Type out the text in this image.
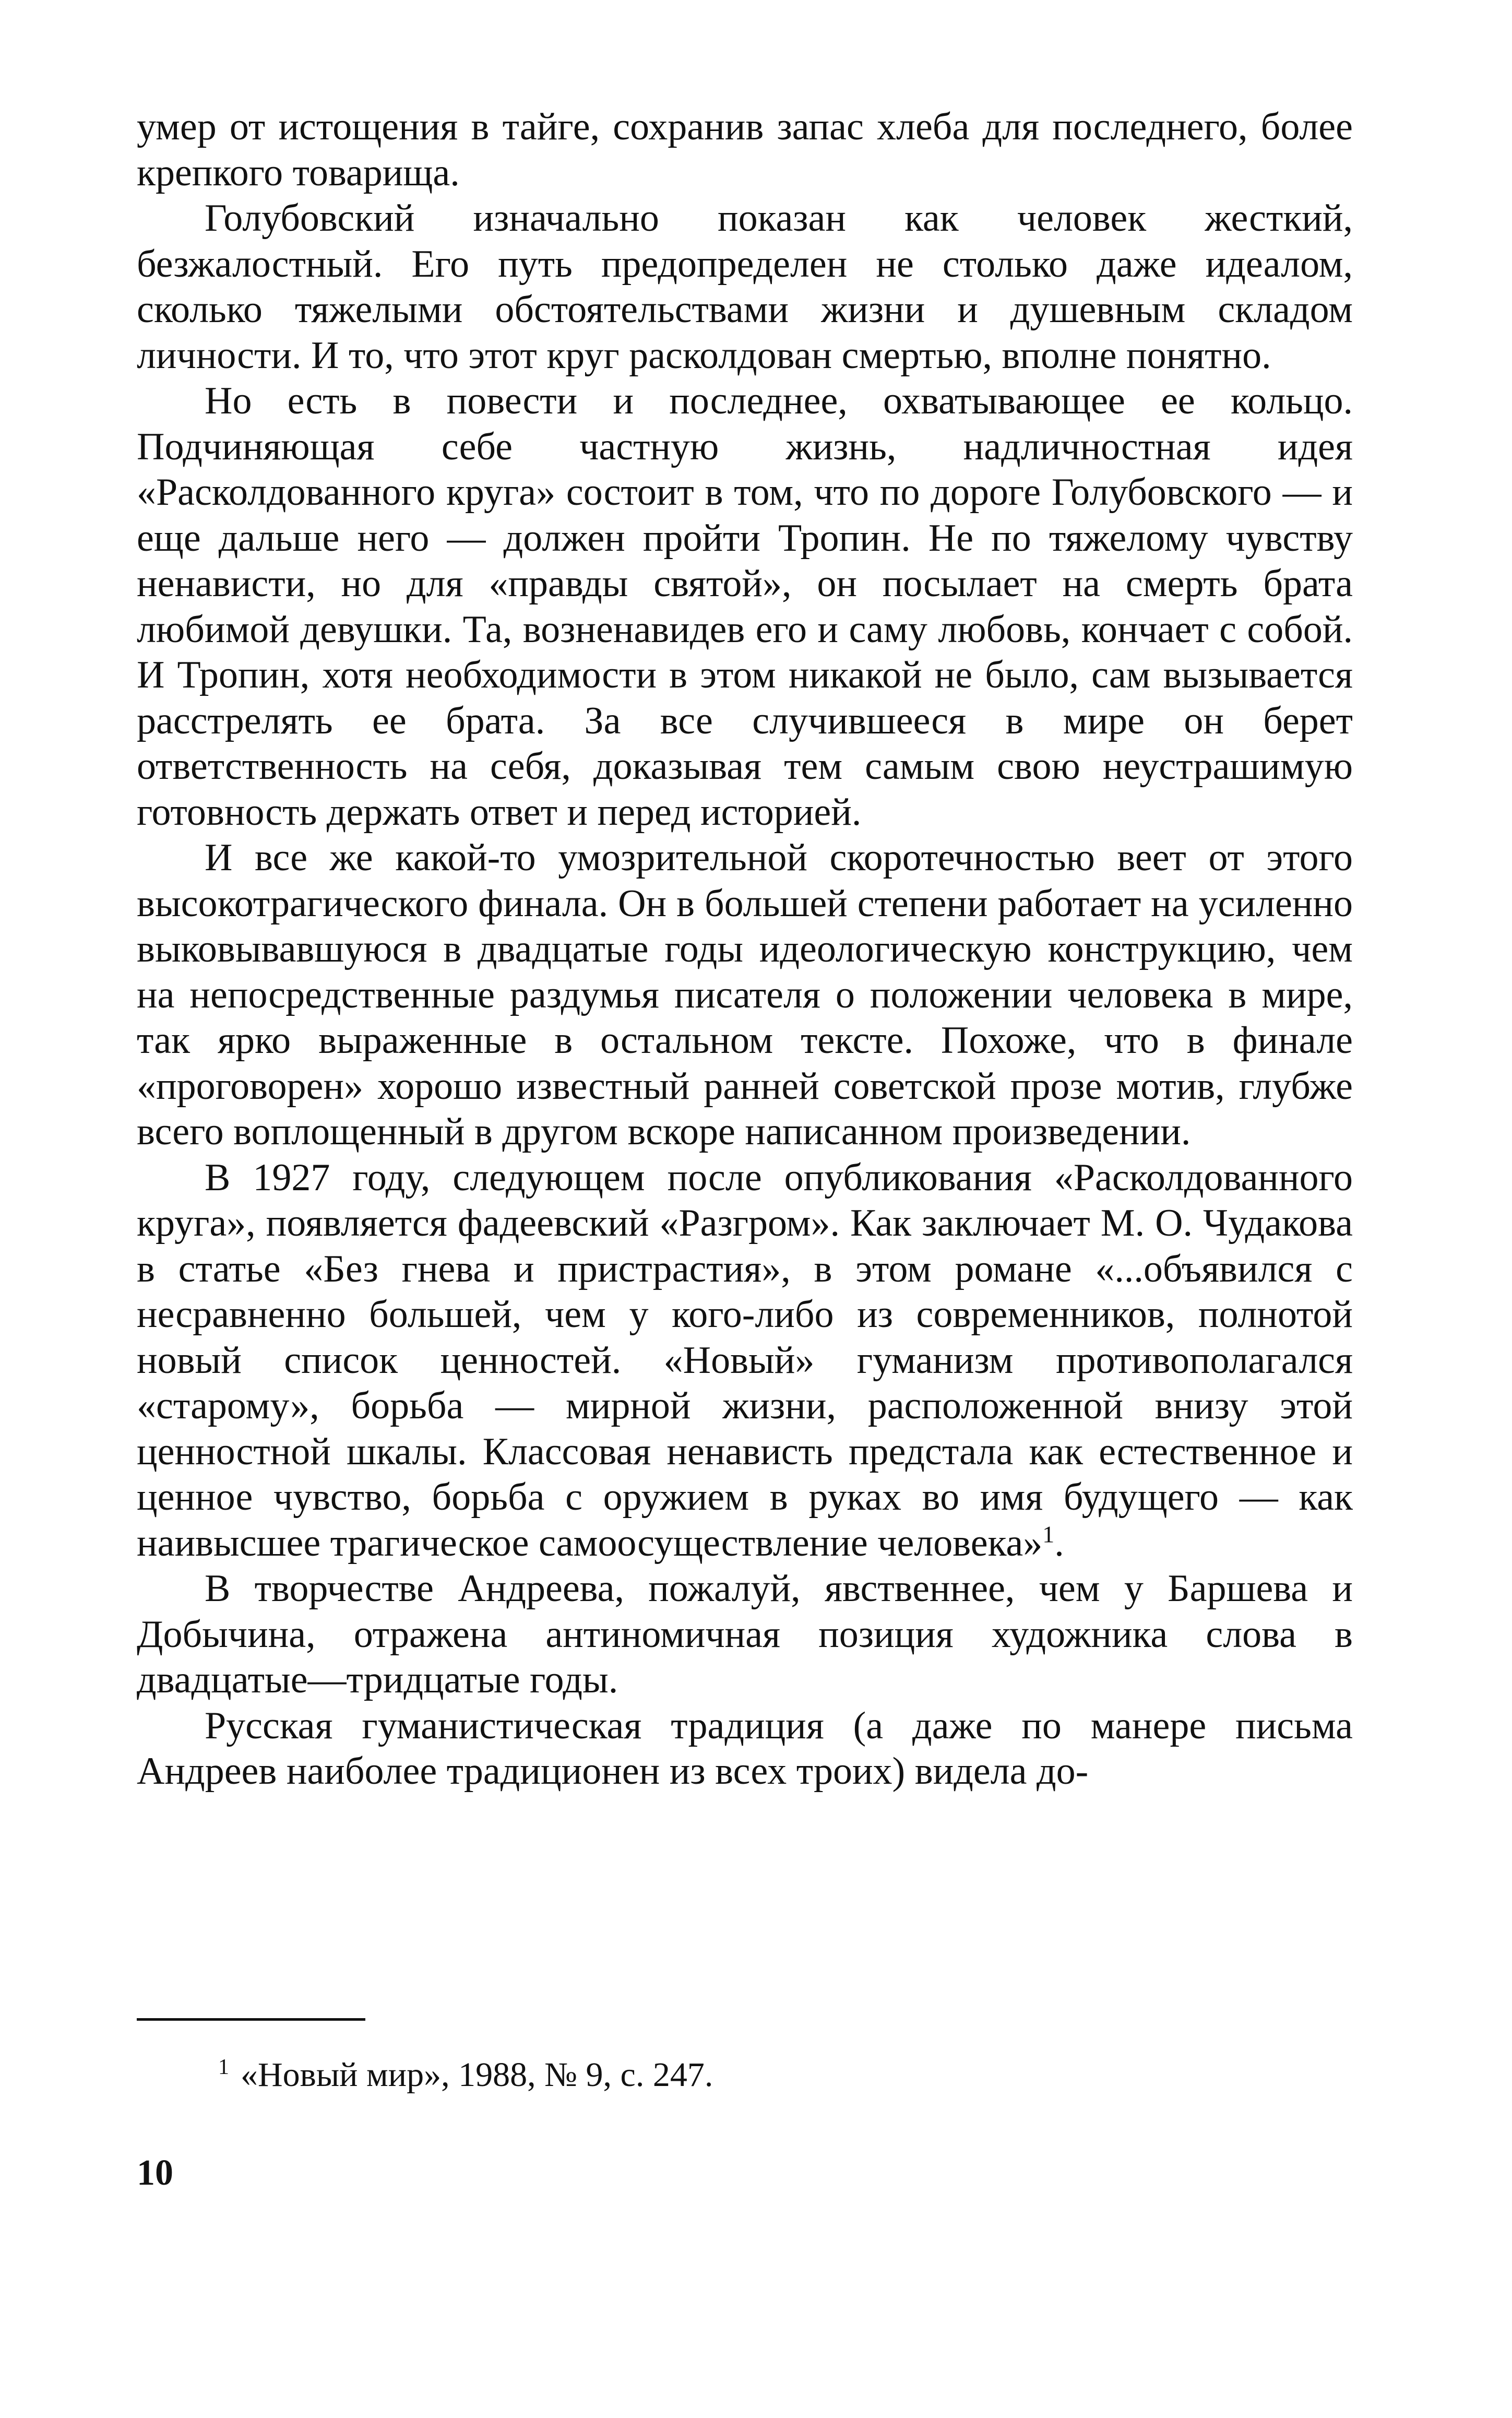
умер от истощения в тайге, сохранив запас хлеба для последнего, более крепкого товарища.

Голубовский изначально показан как человек жесткий, безжалостный. Его путь предопределен не столько даже идеалом, сколько тяжелыми обстоятельствами жизни и душевным складом личности. И то, что этот круг расколдован смертью, вполне понятно.

Но есть в повести и последнее, охватывающее ее кольцо. Подчиняющая себе частную жизнь, надличностная идея «Расколдованного круга» состоит в том, что по дороге Голубовского — и еще дальше него — должен пройти Тропин. Не по тяжелому чувству ненависти, но для «правды святой», он посылает на смерть брата любимой девушки. Та, возненавидев его и саму любовь, кончает с собой. И Тропин, хотя необходимости в этом никакой не было, сам вызывается расстрелять ее брата. За все случившееся в мире он берет ответственность на себя, доказывая тем самым свою неустрашимую готовность держать ответ и перед историей.

И все же какой-то умозрительной скоротечностью веет от этого высокотрагического финала. Он в большей степени работает на усиленно выковывавшуюся в двадцатые годы идеологическую конструкцию, чем на непосредственные раздумья писателя о положении человека в мире, так ярко выраженные в остальном тексте. Похоже, что в финале «проговорен» хорошо известный ранней советской прозе мотив, глубже всего воплощенный в другом вскоре написанном произведении.

В 1927 году, следующем после опубликования «Расколдованного круга», появляется фадеевский «Разгром». Как заключает М. О. Чудакова в статье «Без гнева и пристрастия», в этом романе «...объявился с несравненно большей, чем у кого-либо из современников, полнотой новый список ценностей. «Новый» гуманизм противополагался «старому», борьба — мирной жизни, расположенной внизу этой ценностной шкалы. Классовая ненависть предстала как естественное и ценное чувство, борьба с оружием в руках во имя будущего — как наивысшее трагическое самоосуществление человека»$^1$.

В творчестве Андреева, пожалуй, явственнее, чем у Баршева и Добычина, отражена антиномичная позиция художника слова в двадцатые—тридцатые годы.

Русская гуманистическая традиция (а даже по манере письма Андреев наиболее традиционен из всех троих) видела до-

$^1$ «Новый мир», 1988, № 9, с. 247.
10
